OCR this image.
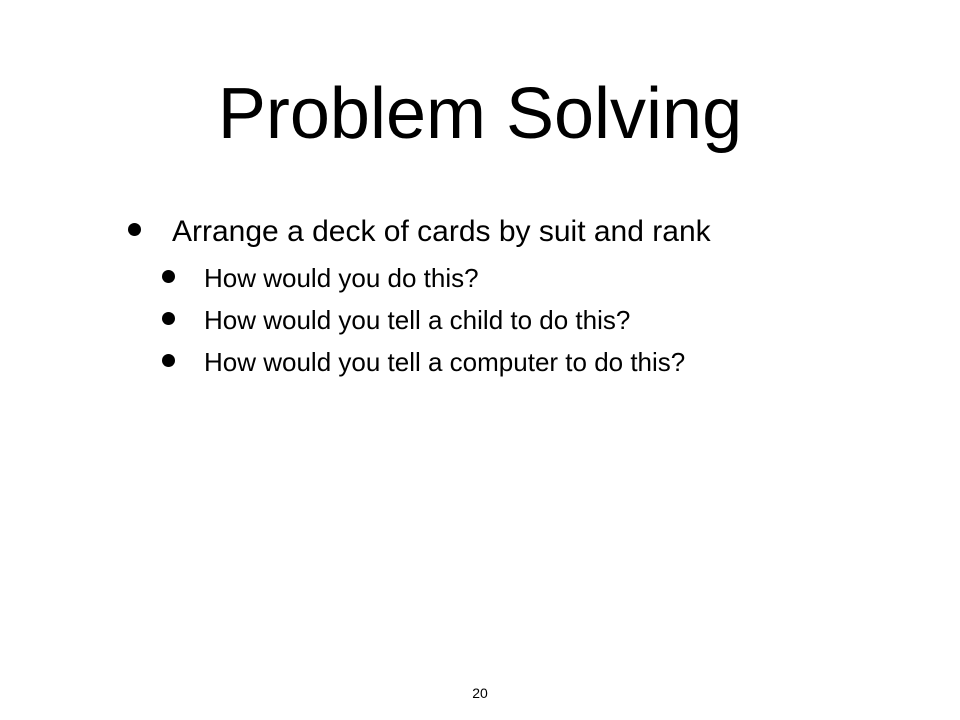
Problem Solving
Arrange a deck of cards by suit and rank
How would you do this?
How would you tell a child to do this?
How would you tell a computer to do this?
20
